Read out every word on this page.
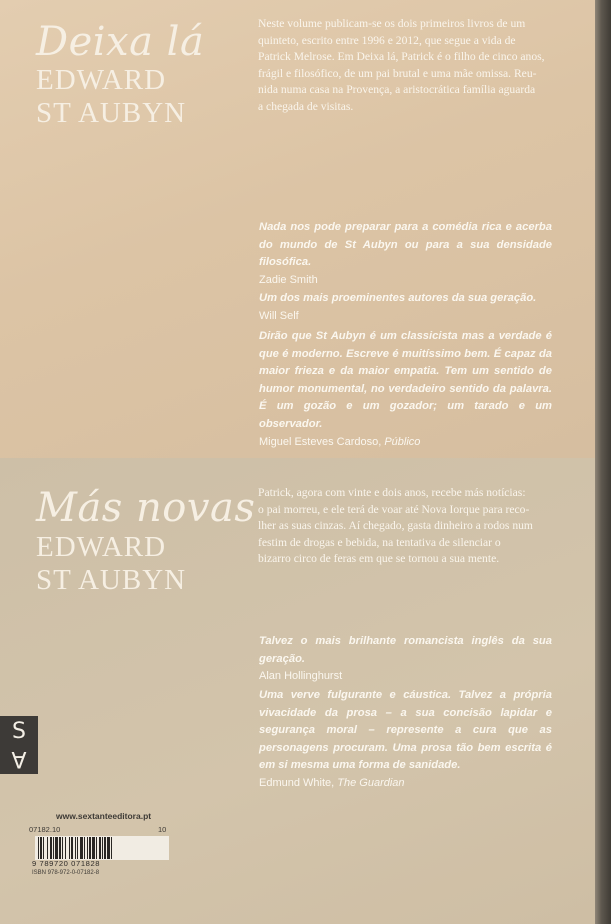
Deixa lá
EDWARD
ST AUBYN
Neste volume publicam-se os dois primeiros livros de um
quinteto, escrito entre 1996 e 2012, que segue a vida de
Patrick Melrose. Em Deixa lá, Patrick é o filho de cinco anos,
frágil e filosófico, de um pai brutal e uma mãe omissa. Reu-
nida numa casa na Provença, a aristocrática família aguarda
a chegada de visitas.
Nada nos pode preparar para a comédia rica e acerba do mundo de St Aubyn ou para a sua densidade filosófica.
Zadie Smith
Um dos mais proeminentes autores da sua geração.
Will Self
Dirão que St Aubyn é um classicista mas a verdade é que é moderno. Escreve é muitíssimo bem. É capaz da maior frieza e da maior empatia. Tem um sentido de humor monumental, no verdadeiro sentido da palavra. É um gozão e um gozador; um tarado e um observador.
Miguel Esteves Cardoso, Público
Más novas
EDWARD
ST AUBYN
Patrick, agora com vinte e dois anos, recebe más notícias:
o pai morreu, e ele terá de voar até Nova Iorque para reco-
lher as suas cinzas. Aí chegado, gasta dinheiro a rodos num
festim de drogas e bebida, na tentativa de silenciar o
bizarro circo de feras em que se tornou a sua mente.
Talvez o mais brilhante romancista inglês da sua geração.
Alan Hollinghurst
Uma verve fulgurante e cáustica. Talvez a própria vivacidade da prosa – a sua concisão lapidar e segurança moral – represente a cura que as personagens procuram. Uma prosa tão bem escrita é em si mesma uma forma de sanidade.
Edmund White, The Guardian
S
A
www.sextanteeditora.pt
07182.10	10
9 789720 071828
ISBN 978-972-0-07182-8
